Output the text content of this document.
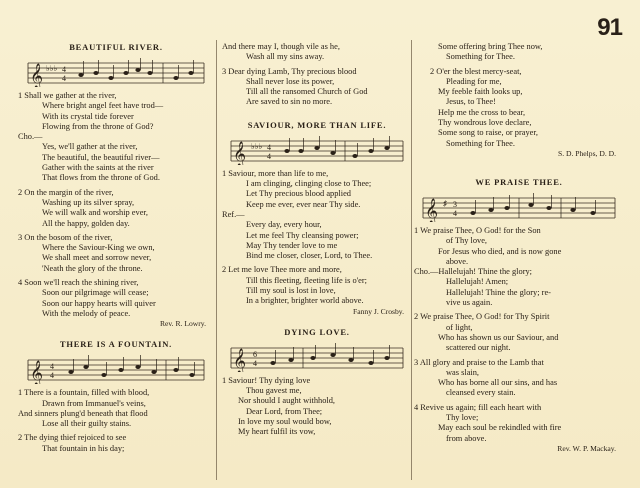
91
BEAUTIFUL RIVER.
𝄞 ♭♭♭ 4
4
1 Shall we gather at the river,
Where bright angel feet have trod—
With its crystal tide forever
Flowing from the throne of God?
Cho.—
Yes, we'll gather at the river,
The beautiful, the beautiful river—
Gather with the saints at the river
That flows from the throne of God.
2 On the margin of the river,
Washing up its silver spray,
We will walk and worship ever,
All the happy, golden day.
3 On the bosom of the river,
Where the Saviour-King we own,
We shall meet and sorrow never,
'Neath the glory of the throne.
4 Soon we'll reach the shining river,
Soon our pilgrimage will cease;
Soon our happy hearts will quiver
With the melody of peace.
Rev. R. Lowry.
THERE IS A FOUNTAIN.
𝄞 4
4
1 There is a fountain, filled with blood,
Drawn from Immanuel's veins,
And sinners plung'd beneath that flood
Lose all their guilty stains.
2 The dying thief rejoiced to see
That fountain in his day;
And there may I, though vile as he,
Wash all my sins away.
3 Dear dying Lamb, Thy precious blood
Shall never lose its power,
Till all the ransomed Church of God
Are saved to sin no more.
SAVIOUR, MORE THAN LIFE.
𝄞 ♭♭♭ 4
4
1 Saviour, more than life to me,
I am clinging, clinging close to Thee;
Let Thy precious blood applied
Keep me ever, ever near Thy side.
Ref.—
Every day, every hour,
Let me feel Thy cleansing power;
May Thy tender love to me
Bind me closer, closer, Lord, to Thee.
2 Let me love Thee more and more,
Till this fleeting, fleeting life is o'er;
Till my soul is lost in love,
In a brighter, brighter world above.
Fanny J. Crosby.
DYING LOVE.
𝄞 6
4
1 Saviour! Thy dying love
Thou gavest me,
Nor should I aught withhold,
Dear Lord, from Thee;
In love my soul would bow,
My heart fulfil its vow,
Some offering bring Thee now,
Something for Thee.
2 O'er the blest mercy-seat,
Pleading for me,
My feeble faith looks up,
Jesus, to Thee!
Help me the cross to bear,
Thy wondrous love declare,
Some song to raise, or prayer,
Something for Thee.
S. D. Phelps, D. D.
WE PRAISE THEE.
𝄞 ♯ 3
4
1 We praise Thee, O God! for the Son
of Thy love,
For Jesus who died, and is now gone
above.
Cho.—Hallelujah! Thine the glory;
Hallelujah! Amen;
Hallelujah! Thine the glory; re-
vive us again.
2 We praise Thee, O God! for Thy Spirit
of light,
Who has shown us our Saviour, and
scattered our night.
3 All glory and praise to the Lamb that
was slain,
Who has borne all our sins, and has
cleansed every stain.
4 Revive us again; fill each heart with
Thy love;
May each soul be rekindled with fire
from above.
Rev. W. P. Mackay.
